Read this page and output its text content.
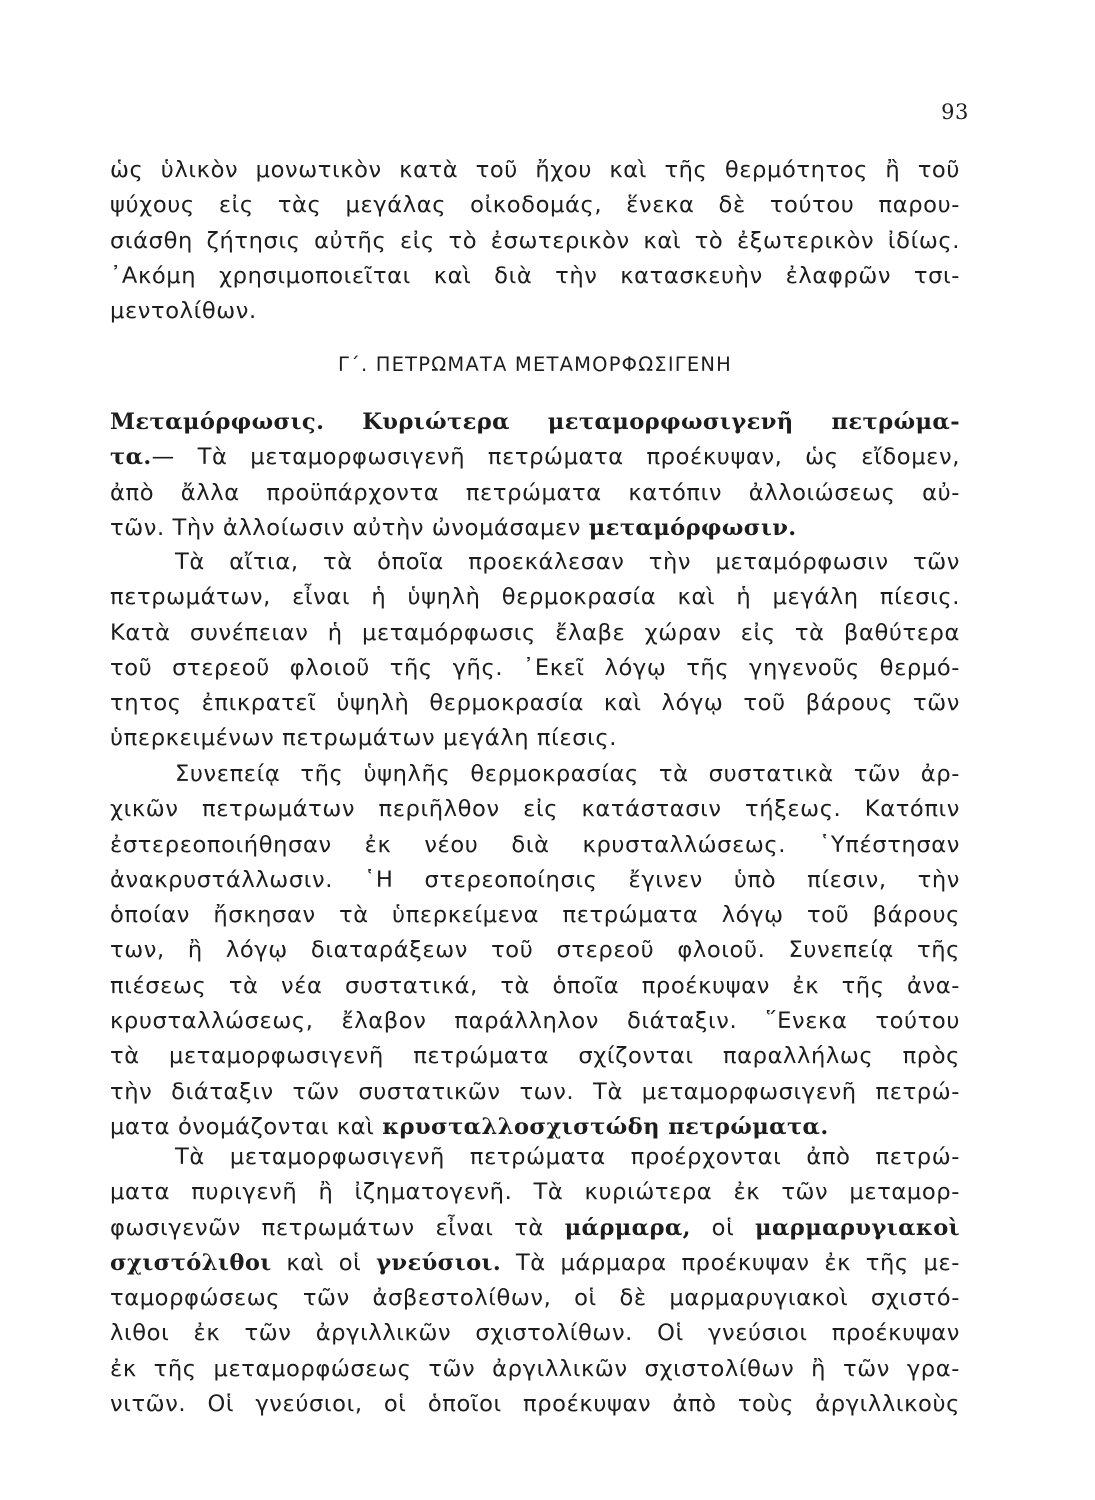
93
ὡς ὑλικὸν μονωτικὸν κατὰ τοῦ ἤχου καὶ τῆς θερμότητος ἢ τοῦ
ψύχους εἰς τὰς μεγάλας οἰκοδομάς, ἕνεκα δὲ τούτου παρου-
σιάσθη ζήτησις αὐτῆς εἰς τὸ ἐσωτερικὸν καὶ τὸ ἐξωτερικὸν ἰδίως.
᾿Ακόμη χρησιμοποιεῖται καὶ διὰ τὴν κατασκευὴν ἐλαφρῶν τσι-
μεντολίθων.
Γ΄. ΠΕΤΡΩΜΑΤΑ ΜΕΤΑΜΟΡΦΩΣΙΓΕΝΗ
Μεταμόρφωσις. Κυριώτερα μεταμορφωσιγενῆ πετρώμα-
τα.— Τὰ μεταμορφωσιγενῆ πετρώματα προέκυψαν, ὡς εἴδομεν,
ἀπὸ ἄλλα προϋπάρχοντα πετρώματα κατόπιν ἀλλοιώσεως αὐ-
τῶν. Τὴν ἀλλοίωσιν αὐτὴν ὠνομάσαμεν μεταμόρφωσιν.
Τὰ αἴτια, τὰ ὁποῖα προεκάλεσαν τὴν μεταμόρφωσιν τῶν
πετρωμάτων, εἶναι ἡ ὑψηλὴ θερμοκρασία καὶ ἡ μεγάλη πίεσις.
Κατὰ συνέπειαν ἡ μεταμόρφωσις ἔλαβε χώραν εἰς τὰ βαθύτερα
τοῦ στερεοῦ φλοιοῦ τῆς γῆς. ᾿Εκεῖ λόγῳ τῆς γηγενοῦς θερμό-
τητος ἐπικρατεῖ ὑψηλὴ θερμοκρασία καὶ λόγῳ τοῦ βάρους τῶν
ὑπερκειμένων πετρωμάτων μεγάλη πίεσις.
Συνεπείᾳ τῆς ὑψηλῆς θερμοκρασίας τὰ συστατικὰ τῶν ἀρ-
χικῶν πετρωμάτων περιῆλθον εἰς κατάστασιν τήξεως. Κατόπιν
ἐστερεοποιήθησαν ἐκ νέου διὰ κρυσταλλώσεως. ῾Υπέστησαν
ἀνακρυστάλλωσιν. ῾Η στερεοποίησις ἔγινεν ὑπὸ πίεσιν, τὴν
ὁποίαν ἤσκησαν τὰ ὑπερκείμενα πετρώματα λόγῳ τοῦ βάρους
των, ἢ λόγῳ διαταράξεων τοῦ στερεοῦ φλοιοῦ. Συνεπείᾳ τῆς
πιέσεως τὰ νέα συστατικά, τὰ ὁποῖα προέκυψαν ἐκ τῆς ἀνα-
κρυσταλλώσεως, ἔλαβον παράλληλον διάταξιν. ῞Ενεκα τούτου
τὰ μεταμορφωσιγενῆ πετρώματα σχίζονται παραλλήλως πρὸς
τὴν διάταξιν τῶν συστατικῶν των. Τὰ μεταμορφωσιγενῆ πετρώ-
ματα ὀνομάζονται καὶ κρυσταλλοσχιστώδη πετρώματα.
Τὰ μεταμορφωσιγενῆ πετρώματα προέρχονται ἀπὸ πετρώ-
ματα πυριγενῆ ἢ ἰζηματογενῆ. Τὰ κυριώτερα ἐκ τῶν μεταμορ-
φωσιγενῶν πετρωμάτων εἶναι τὰ μάρμαρα, οἱ μαρμαρυγιακοὶ
σχιστόλιθοι καὶ οἱ γνεύσιοι. Τὰ μάρμαρα προέκυψαν ἐκ τῆς με-
ταμορφώσεως τῶν ἀσβεστολίθων, οἱ δὲ μαρμαρυγιακοὶ σχιστό-
λιθοι ἐκ τῶν ἀργιλλικῶν σχιστολίθων. Οἱ γνεύσιοι προέκυψαν
ἐκ τῆς μεταμορφώσεως τῶν ἀργιλλικῶν σχιστολίθων ἢ τῶν γρα-
νιτῶν. Οἱ γνεύσιοι, οἱ ὁποῖοι προέκυψαν ἀπὸ τοὺς ἀργιλλικοὺς
